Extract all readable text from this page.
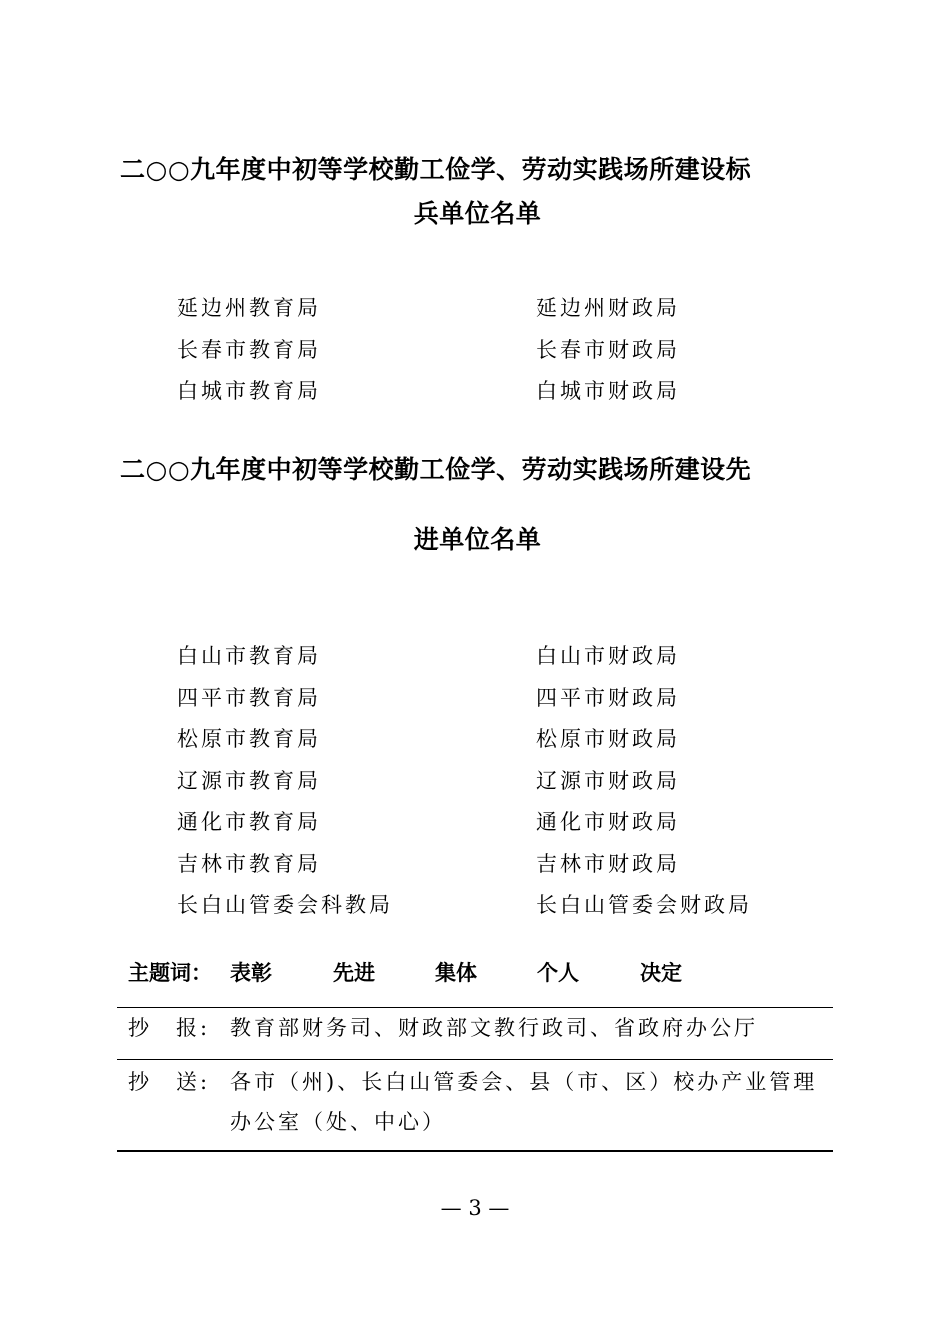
二○○九年度中初等学校勤工俭学、劳动实践场所建设标
兵单位名单
延边州教育局	延边州财政局
长春市教育局	长春市财政局
白城市教育局	白城市财政局
二○○九年度中初等学校勤工俭学、劳动实践场所建设先
进单位名单
白山市教育局	白山市财政局
四平市教育局	四平市财政局
松原市教育局	松原市财政局
辽源市教育局	辽源市财政局
通化市教育局	通化市财政局
吉林市教育局	吉林市财政局
长白山管委会科教局	长白山管委会财政局
主题词： 表彰	先进	集体	个人	决定
抄　报: 教育部财务司、财政部文教行政司、省政府办公厅
抄　送: 各市（州)、长白山管委会、县（市、区）校办产业管理办公室（处、中心）
— 3 —
